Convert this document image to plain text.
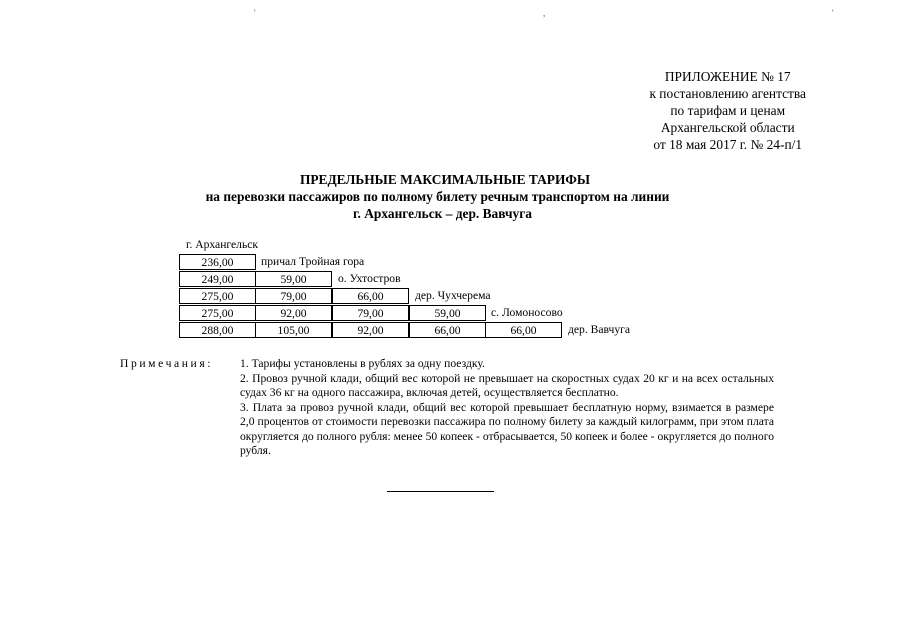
'	,	'
ПРИЛОЖЕНИЕ № 17
к постановлению агентства
по тарифам и ценам
Архангельской области
от 18 мая 2017 г. № 24-п/1
ПРЕДЕЛЬНЫЕ МАКСИМАЛЬНЫЕ ТАРИФЫ
на перевозки пассажиров по полному билету речным транспортом на линии
г. Архангельск – дер. Вавчуга
г. Архангельск
236,00	причал Тройная гора
249,00	59,00	о. Ухтостров
275,00	79,00	66,00	дер. Чухчерема
275,00	92,00	79,00	59,00	с. Ломоносово
288,00	105,00	92,00	66,00	66,00	дер. Вавчуга
Примечания: 1. Тарифы установлены в рублях за одну поездку.

2. Провоз ручной клади, общий вес которой не превышает на скоростных судах 20 кг и на всех остальных судах 36 кг на одного пассажира, включая детей, осуществляется бесплатно.

3. Плата за провоз ручной клади, общий вес которой превышает бесплатную норму, взимается в размере 2,0 процентов от стоимости перевозки пассажира по полному билету за каждый килограмм, при этом плата округляется до полного рубля: менее 50 копеек - отбрасывается, 50 копеек и более - округляется до полного рубля.
